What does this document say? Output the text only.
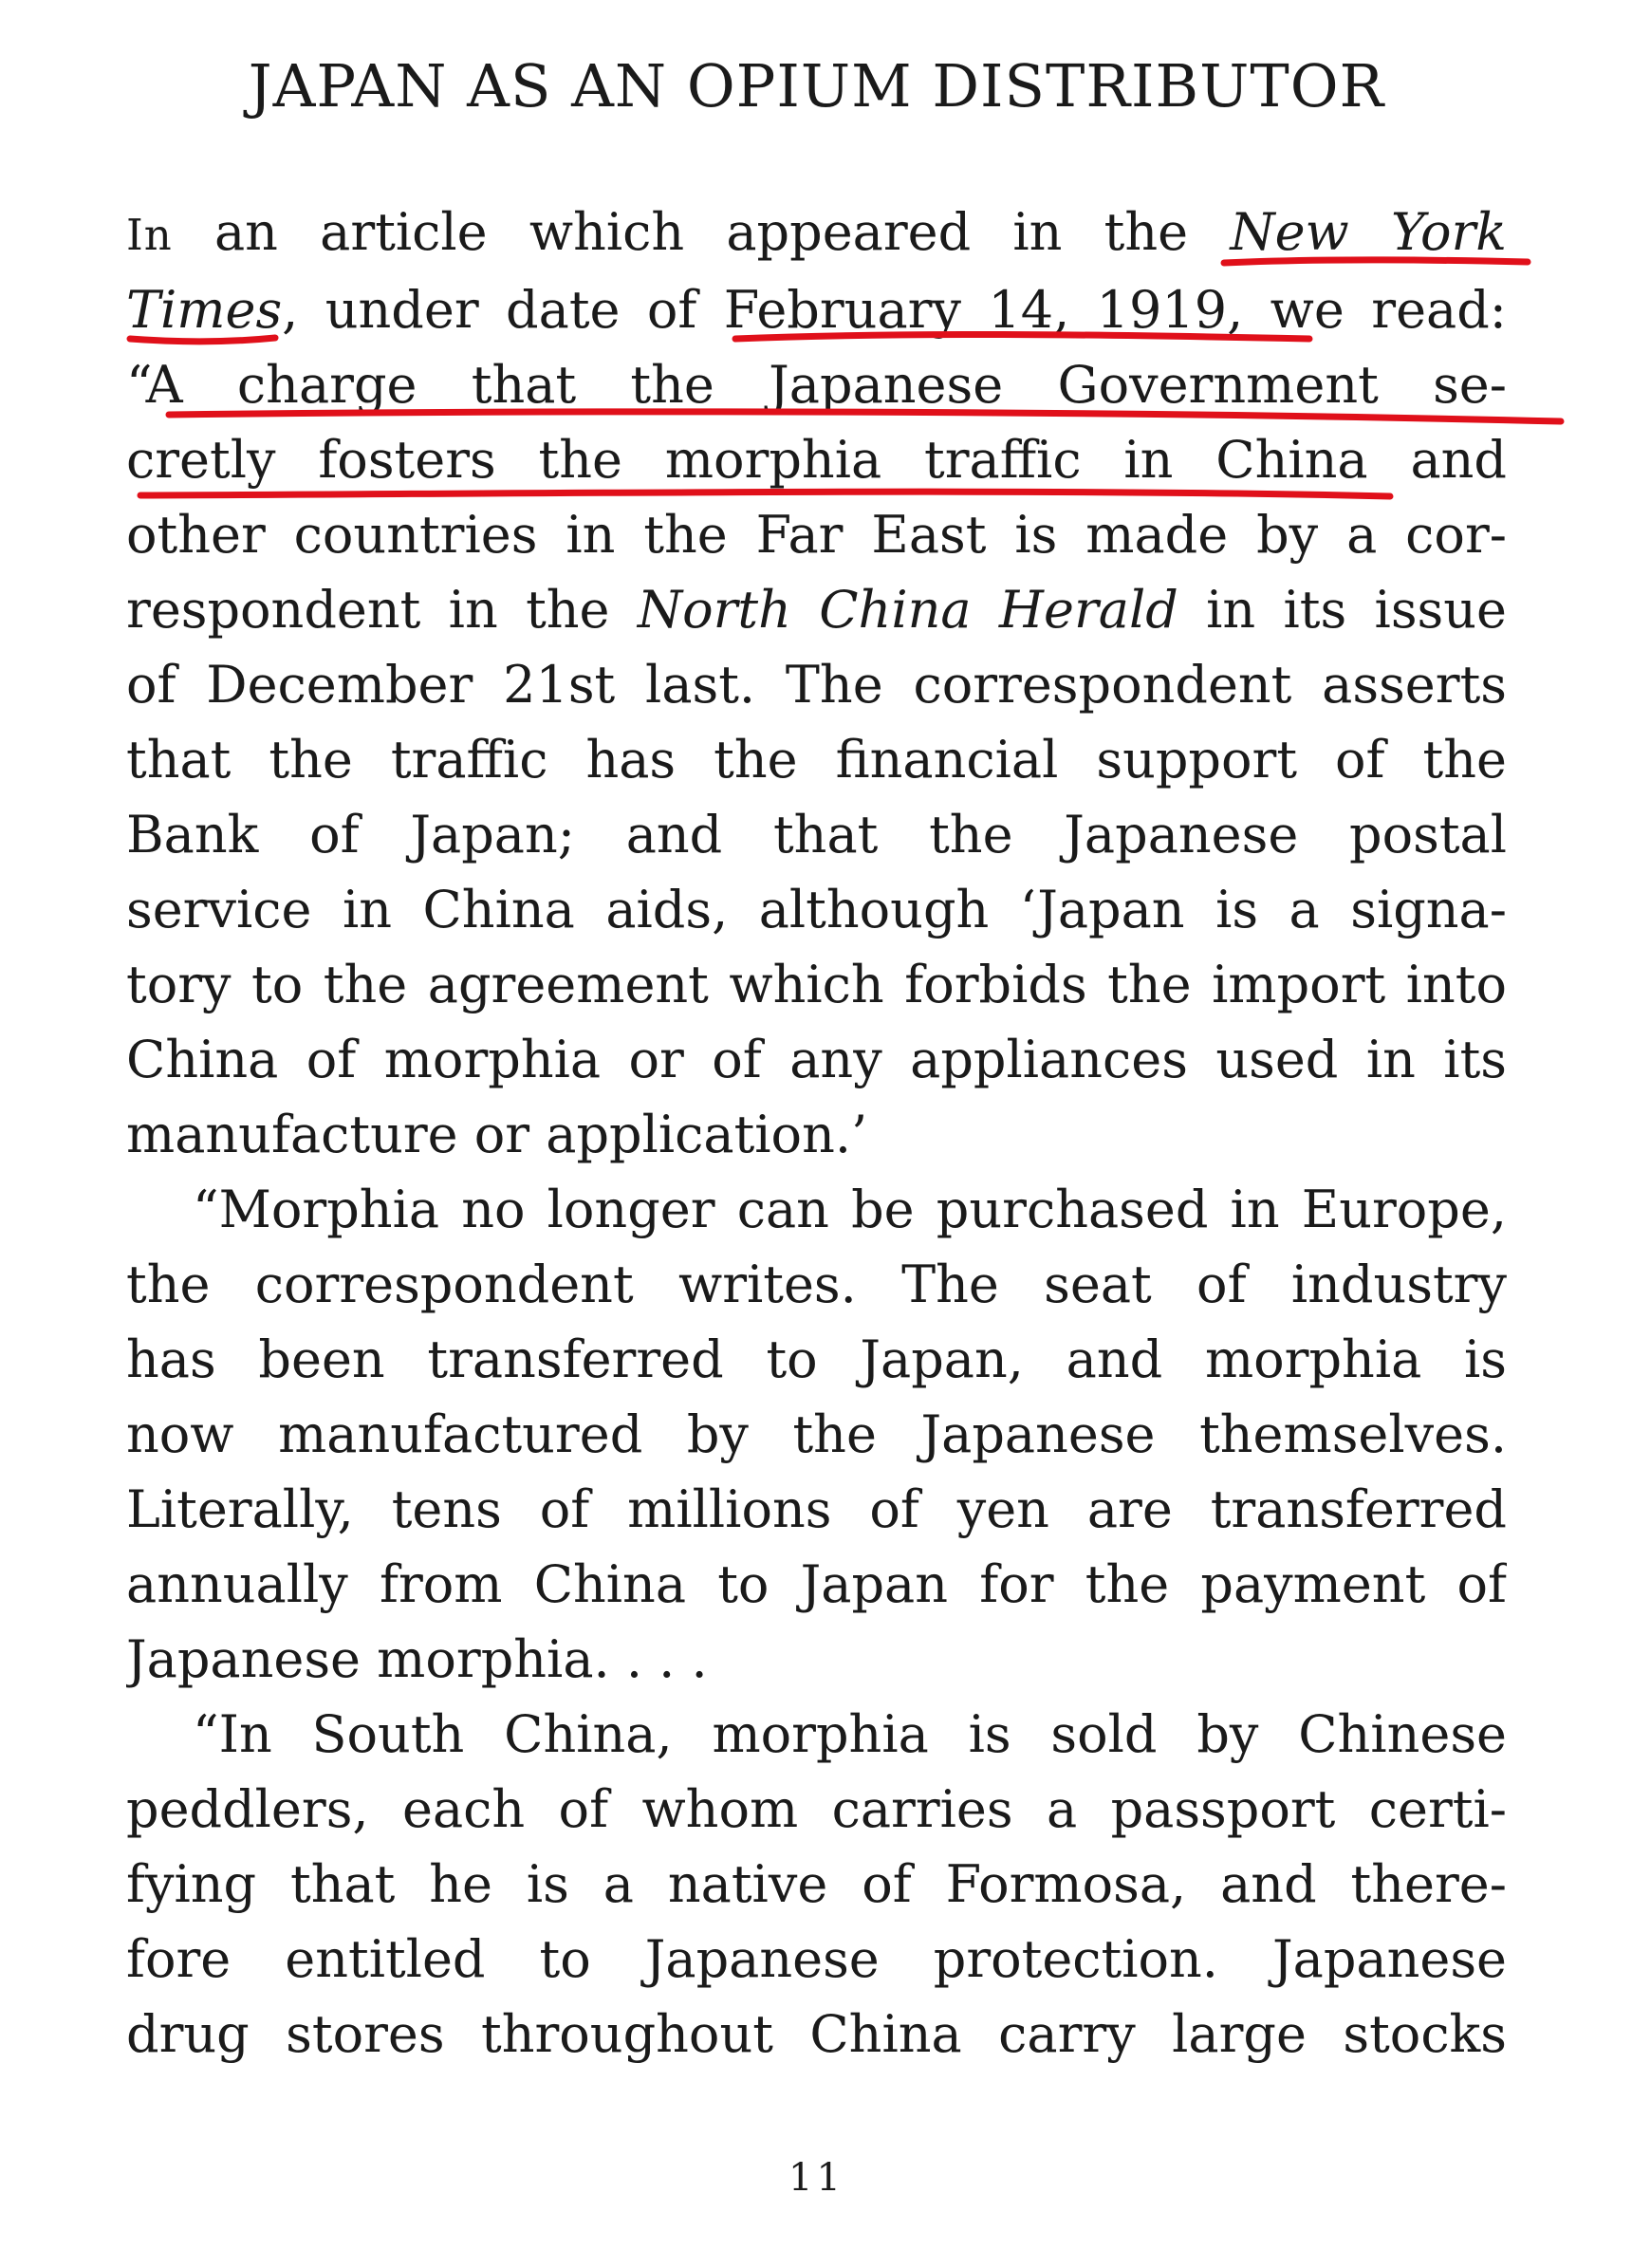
JAPAN AS AN OPIUM DISTRIBUTOR
In an article which appeared in the New York
Times, under date of February 14, 1919, we read:
“A charge that the Japanese Government se-
cretly fosters the morphia traffic in China and
other countries in the Far East is made by a cor-
respondent in the North China Herald in its issue
of December 21st last. The correspondent asserts
that the traffic has the financial support of the
Bank of Japan; and that the Japanese postal
service in China aids, although ‘Japan is a signa-
tory to the agreement which forbids the import into
China of morphia or of any appliances used in its
manufacture or application.’
“Morphia no longer can be purchased in Europe,
the correspondent writes. The seat of industry
has been transferred to Japan, and morphia is
now manufactured by the Japanese themselves.
Literally, tens of millions of yen are transferred
annually from China to Japan for the payment of
Japanese morphia. . . .
“In South China, morphia is sold by Chinese
peddlers, each of whom carries a passport certi-
fying that he is a native of Formosa, and there-
fore entitled to Japanese protection. Japanese
drug stores throughout China carry large stocks
11
